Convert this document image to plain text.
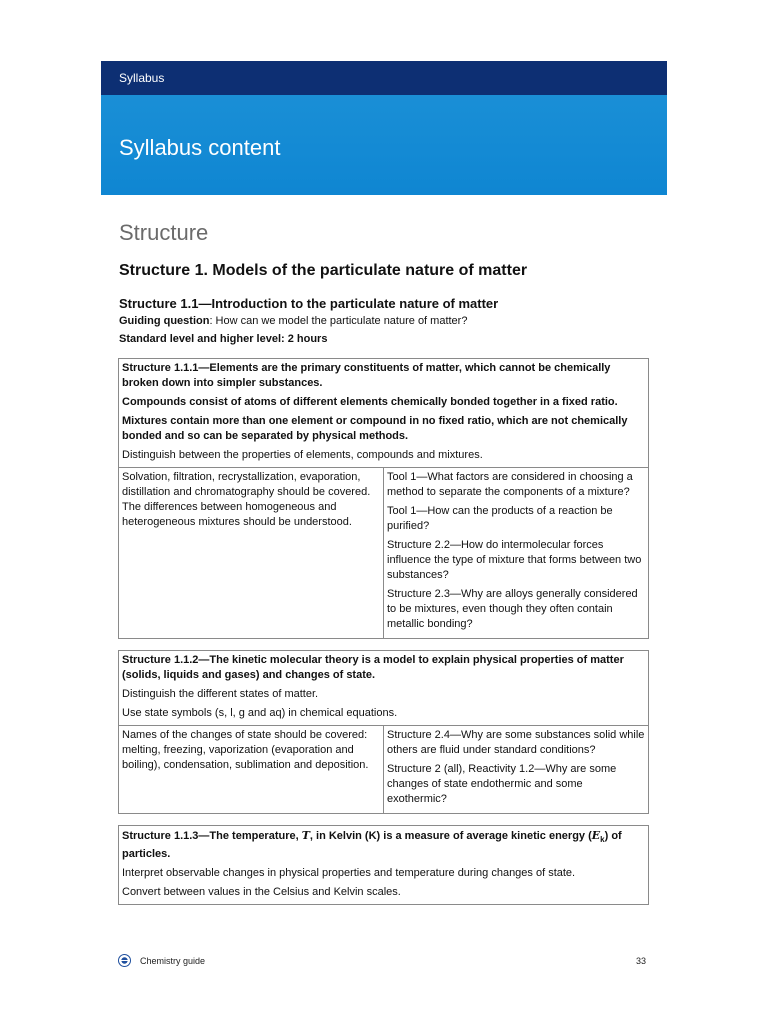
Syllabus
Syllabus content
Structure
Structure 1. Models of the particulate nature of matter
Structure 1.1—Introduction to the particulate nature of matter
Guiding question: How can we model the particulate nature of matter?
Standard level and higher level: 2 hours

Structure 1.1.1—Elements are the primary constituents of matter, which cannot be chemically broken down into simpler substances.

Compounds consist of atoms of different elements chemically bonded together in a fixed ratio.

Mixtures contain more than one element or compound in no fixed ratio, which are not chemically bonded and so can be separated by physical methods.

Distinguish between the properties of elements, compounds and mixtures.

Solvation, filtration, recrystallization, evaporation, distillation and chromatography should be covered. The differences between homogeneous and heterogeneous mixtures should be understood.

Tool 1—What factors are considered in choosing a method to separate the components of a mixture?

Tool 1—How can the products of a reaction be purified?

Structure 2.2—How do intermolecular forces influence the type of mixture that forms between two substances?

Structure 2.3—Why are alloys generally considered to be mixtures, even though they often contain metallic bonding?

Structure 1.1.2—The kinetic molecular theory is a model to explain physical properties of matter (solids, liquids and gases) and changes of state.

Distinguish the different states of matter.

Use state symbols (s, l, g and aq) in chemical equations.

Names of the changes of state should be covered: melting, freezing, vaporization (evaporation and boiling), condensation, sublimation and deposition.

Structure 2.4—Why are some substances solid while others are fluid under standard conditions?

Structure 2 (all), Reactivity 1.2—Why are some changes of state endothermic and some exothermic?

Structure 1.1.3—The temperature, T, in Kelvin (K) is a measure of average kinetic energy $(E_k)$ of particles.

Interpret observable changes in physical properties and temperature during changes of state.

Convert between values in the Celsius and Kelvin scales.

Chemistry guide	33
